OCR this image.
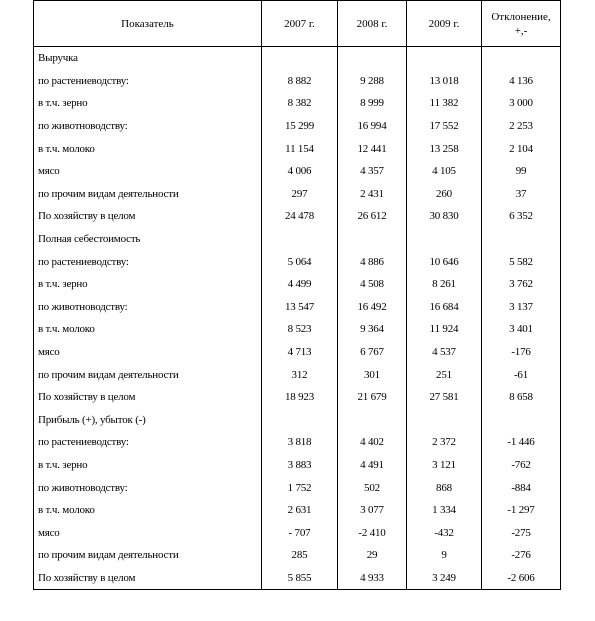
Показатель	2007 г.	2008 г.	2009 г.	Отклонение,
+,-

Выручка				
по растениеводству:	8 882	9 288	13 018	4 136
в т.ч. зерно	8 382	8 999	11 382	3 000
по животноводству:	15 299	16 994	17 552	2 253
в т.ч. молоко	11 154	12 441	13 258	2 104
мясо	4 006	4 357	4 105	99
по прочим видам деятельности	297	2 431	260	37
По хозяйству в целом	24 478	26 612	30 830	6 352
Полная себестоимость				
по растениеводству:	5 064	4 886	10 646	5 582
в т.ч. зерно	4 499	4 508	8 261	3 762
по животноводству:	13 547	16 492	16 684	3 137
в т.ч. молоко	8 523	9 364	11 924	3 401
мясо	4 713	6 767	4 537	-176
по прочим видам деятельности	312	301	251	-61
По хозяйству в целом	18 923	21 679	27 581	8 658
Прибыль (+), убыток (-)				
по растениеводству:	3 818	4 402	2 372	-1 446
в т.ч. зерно	3 883	4 491	3 121	-762
по животноводству:	1 752	502	868	-884
в т.ч. молоко	2 631	3 077	1 334	-1 297
мясо	- 707	-2 410	-432	-275
по прочим видам деятельности	285	29	9	-276
По хозяйству в целом	5 855	4 933	3 249	-2 606
